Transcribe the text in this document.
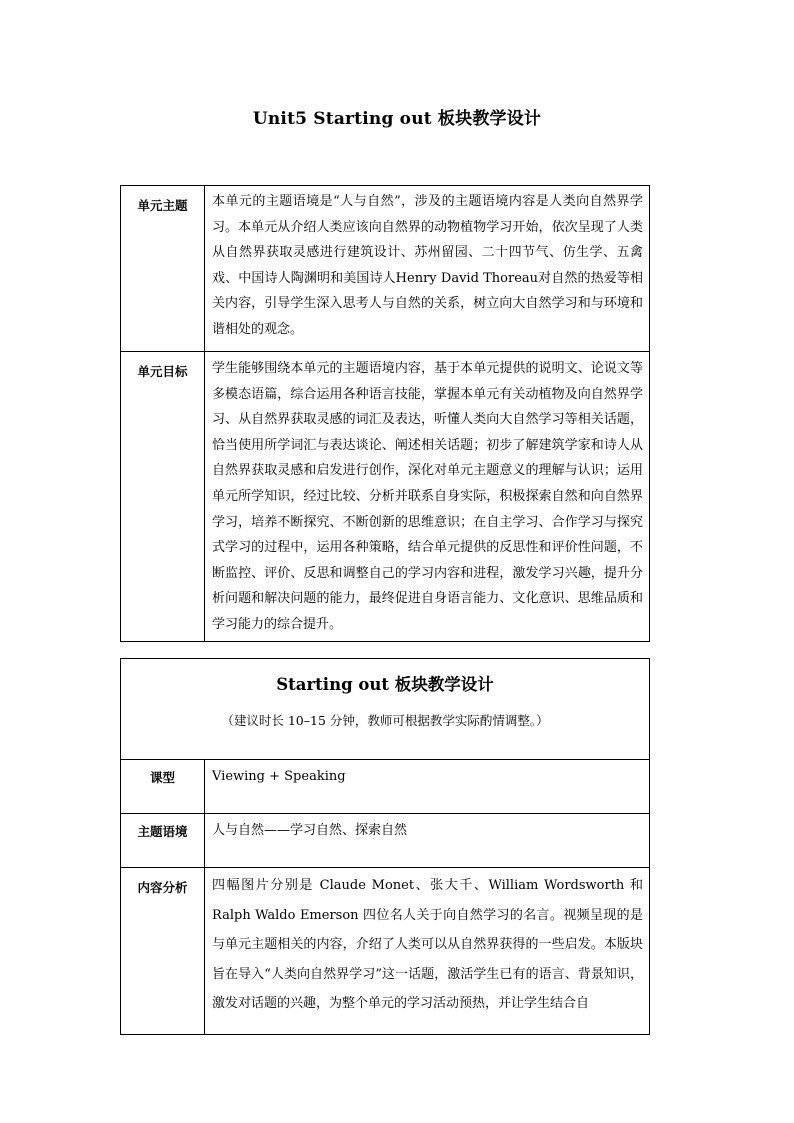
Unit5 Starting out 板块教学设计
单元主题	本单元的主题语境是“人与自然”，涉及的主题语境内容是人类向自然界学习。本单元从介绍人类应该向自然界的动物植物学习开始，依次呈现了人类从自然界获取灵感进行建筑设计、苏州留园、二十四节气、仿生学、五禽戏、中国诗人陶渊明和美国诗人Henry David Thoreau对自然的热爱等相关内容，引导学生深入思考人与自然的关系，树立向大自然学习和与环境和谐相处的观念。
单元目标	学生能够围绕本单元的主题语境内容，基于本单元提供的说明文、论说文等多模态语篇，综合运用各种语言技能，掌握本单元有关动植物及向自然界学习、从自然界获取灵感的词汇及表达，听懂人类向大自然学习等相关话题，恰当使用所学词汇与表达谈论、阐述相关话题；初步了解建筑学家和诗人从自然界获取灵感和启发进行创作，深化对单元主题意义的理解与认识；运用单元所学知识，经过比较、分析并联系自身实际，积极探索自然和向自然界学习，培养不断探究、不断创新的思维意识；在自主学习、合作学习与探究式学习的过程中，运用各种策略，结合单元提供的反思性和评价性问题，不断监控、评价、反思和调整自己的学习内容和进程，激发学习兴趣，提升分析问题和解决问题的能力，最终促进自身语言能力、文化意识、思维品质和学习能力的综合提升。
Starting out 板块教学设计
（建议时长 10–15 分钟，教师可根据教学实际酌情调整。）	

课型	Viewing + Speaking
主题语境	人与自然——学习自然、探索自然
内容分析	四幅图片分别是 Claude Monet、张大千、William Wordsworth 和 Ralph Waldo Emerson 四位名人关于向自然学习的名言。视频呈现的是与单元主题相关的内容，介绍了人类可以从自然界获得的一些启发。本版块旨在导入“人类向自然界学习”这一话题，激活学生已有的语言、背景知识，激发对话题的兴趣，为整个单元的学习活动预热，并让学生结合自
